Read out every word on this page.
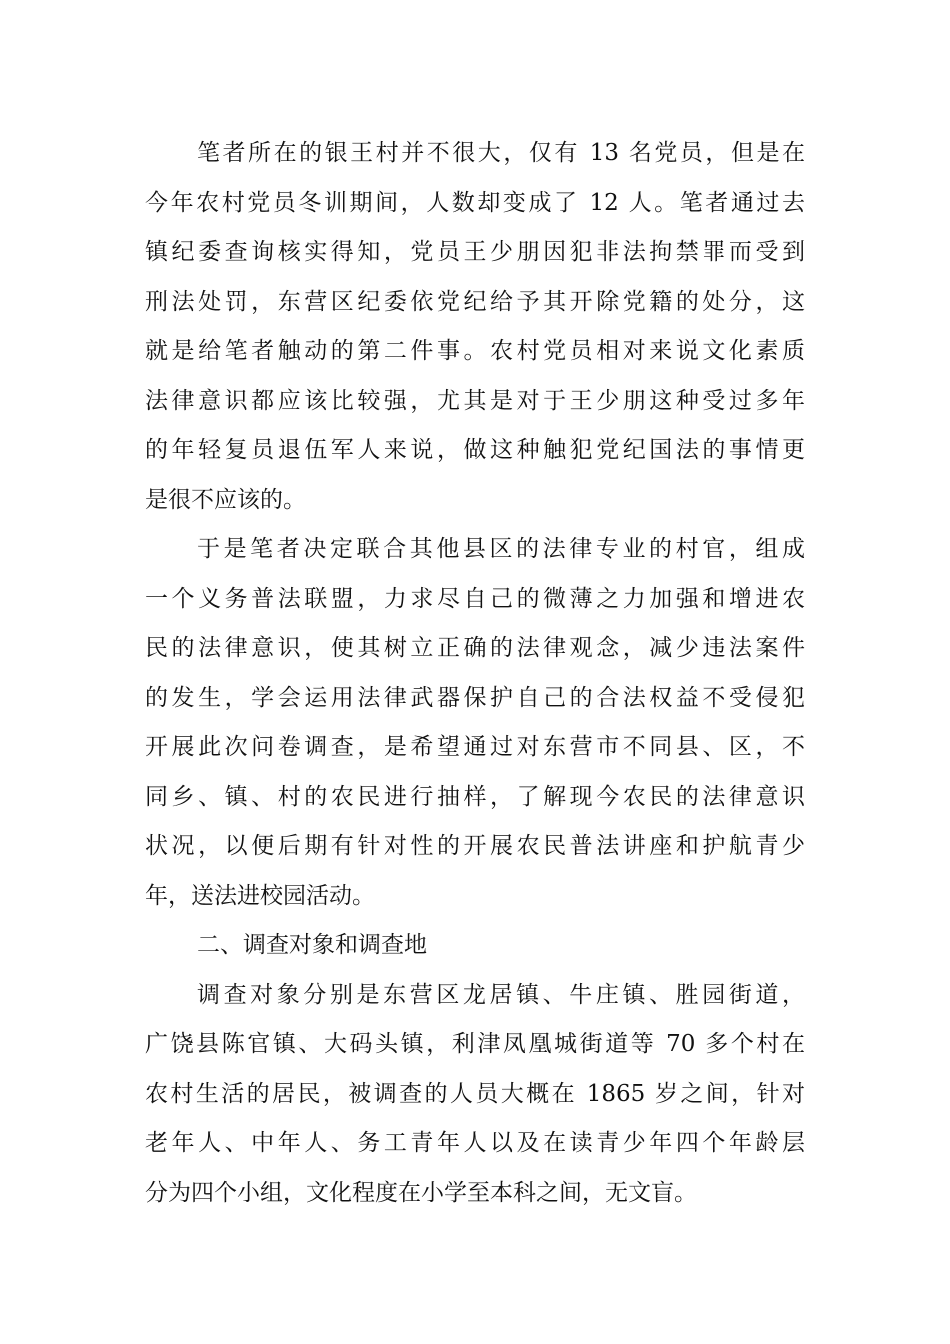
笔者所在的银王村并不很大，仅有 13 名党员，但是在
今年农村党员冬训期间，人数却变成了 12 人。笔者通过去
镇纪委查询核实得知，党员王少朋因犯非法拘禁罪而受到
刑法处罚，东营区纪委依党纪给予其开除党籍的处分，这
就是给笔者触动的第二件事。农村党员相对来说文化素质
法律意识都应该比较强，尤其是对于王少朋这种受过多年
的年轻复员退伍军人来说，做这种触犯党纪国法的事情更
是很不应该的。
于是笔者决定联合其他县区的法律专业的村官，组成
一个义务普法联盟，力求尽自己的微薄之力加强和增进农
民的法律意识，使其树立正确的法律观念，减少违法案件
的发生，学会运用法律武器保护自己的合法权益不受侵犯
开展此次问卷调查，是希望通过对东营市不同县、区，不
同乡、镇、村的农民进行抽样，了解现今农民的法律意识
状况，以便后期有针对性的开展农民普法讲座和护航青少
年，送法进校园活动。
二、调查对象和调查地
调查对象分别是东营区龙居镇、牛庄镇、胜园街道，
广饶县陈官镇、大码头镇，利津凤凰城街道等 70 多个村在
农村生活的居民，被调查的人员大概在 1865 岁之间，针对
老年人、中年人、务工青年人以及在读青少年四个年龄层
分为四个小组，文化程度在小学至本科之间，无文盲。
